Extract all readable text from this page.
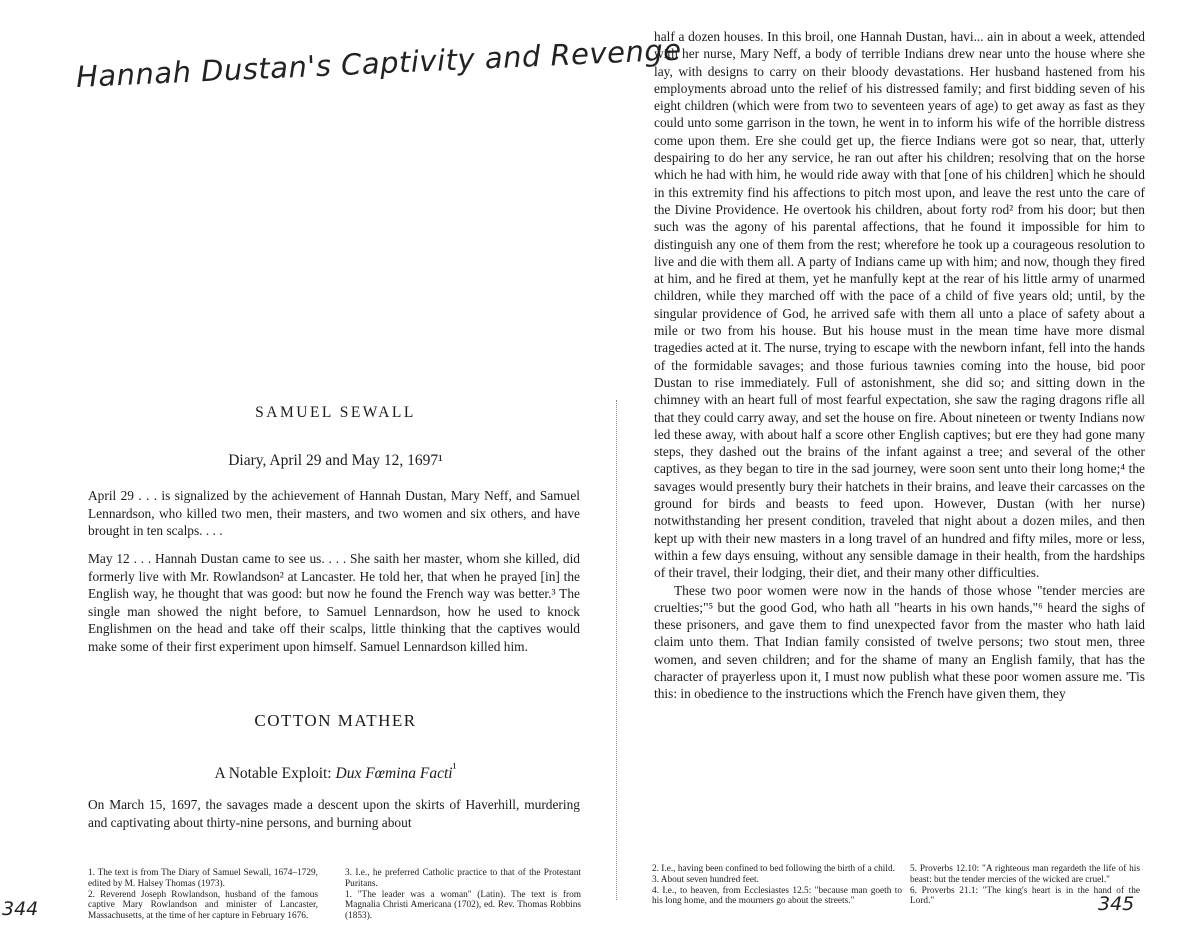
Hannah Dustan's Captivity and Revenge
SAMUEL SEWALL
Diary, April 29 and May 12, 1697¹

April 29 . . . is signalized by the achievement of Hannah Dustan, Mary Neff, and Samuel Lennardson, who killed two men, their masters, and two women and six others, and have brought in ten scalps. . . .

May 12 . . . Hannah Dustan came to see us. . . . She saith her master, whom she killed, did formerly live with Mr. Rowlandson² at Lancaster. He told her, that when he prayed [in] the English way, he thought that was good: but now he found the French way was better.³ The single man showed the night before, to Samuel Lennardson, how he used to knock Englishmen on the head and take off their scalps, little thinking that the captives would make some of their first experiment upon himself. Samuel Lennardson killed him.

COTTON MATHER
A Notable Exploit: Dux Fœmina Facti$^{^1}$

On March 15, 1697, the savages made a descent upon the skirts of Haverhill, murdering and captivating about thirty-nine persons, and burning about

1. The text is from The Diary of Samuel Sewall, 1674–1729, edited by M. Halsey Thomas (1973).

2. Reverend Joseph Rowlandson, husband of the famous captive Mary Rowlandson and minister of Lancaster, Massachusetts, at the time of her capture in February 1676.

3. I.e., he preferred Catholic practice to that of the Protestant Puritans.

1. "The leader was a woman" (Latin). The text is from Magnalia Christi Americana (1702), ed. Rev. Thomas Robbins (1853).

344

half a dozen houses. In this broil, one Hannah Dustan, havi... ain in about a week, attended with her nurse, Mary Neff, a body of terrible Indians drew near unto the house where she lay, with designs to carry on their bloody devastations. Her husband hastened from his employments abroad unto the relief of his distressed family; and first bidding seven of his eight children (which were from two to seventeen years of age) to get away as fast as they could unto some garrison in the town, he went in to inform his wife of the horrible distress come upon them. Ere she could get up, the fierce Indians were got so near, that, utterly despairing to do her any service, he ran out after his children; resolving that on the horse which he had with him, he would ride away with that [one of his children] which he should in this extremity find his affections to pitch most upon, and leave the rest unto the care of the Divine Providence. He overtook his children, about forty rod² from his door; but then such was the agony of his parental affections, that he found it impossible for him to distinguish any one of them from the rest; wherefore he took up a courageous resolution to live and die with them all. A party of Indians came up with him; and now, though they fired at him, and he fired at them, yet he manfully kept at the rear of his little army of unarmed children, while they marched off with the pace of a child of five years old; until, by the singular providence of God, he arrived safe with them all unto a place of safety about a mile or two from his house. But his house must in the mean time have more dismal tragedies acted at it. The nurse, trying to escape with the newborn infant, fell into the hands of the formidable savages; and those furious tawnies coming into the house, bid poor Dustan to rise immediately. Full of astonishment, she did so; and sitting down in the chimney with an heart full of most fearful expectation, she saw the raging dragons rifle all that they could carry away, and set the house on fire. About nineteen or twenty Indians now led these away, with about half a score other English captives; but ere they had gone many steps, they dashed out the brains of the infant against a tree; and several of the other captives, as they began to tire in the sad journey, were soon sent unto their long home;⁴ the savages would presently bury their hatchets in their brains, and leave their carcasses on the ground for birds and beasts to feed upon. However, Dustan (with her nurse) notwithstanding her present condition, traveled that night about a dozen miles, and then kept up with their new masters in a long travel of an hundred and fifty miles, more or less, within a few days ensuing, without any sensible damage in their health, from the hardships of their travel, their lodging, their diet, and their many other difficulties.

These two poor women were now in the hands of those whose "tender mercies are cruelties;"⁵ but the good God, who hath all "hearts in his own hands,"⁶ heard the sighs of these prisoners, and gave them to find unexpected favor from the master who hath laid claim unto them. That Indian family consisted of twelve persons; two stout men, three women, and seven children; and for the shame of many an English family, that has the character of prayerless upon it, I must now publish what these poor women assure me. 'Tis this: in obedience to the instructions which the French have given them, they

2. I.e., having been confined to bed following the birth of a child.

3. About seven hundred feet.

4. I.e., to heaven, from Ecclesiastes 12.5: "because man goeth to his long home, and the mourners go about the streets."

5. Proverbs 12.10: "A righteous man regardeth the life of his beast: but the tender mercies of the wicked are cruel."

6. Proverbs 21.1: "The king's heart is in the hand of the Lord."	345
